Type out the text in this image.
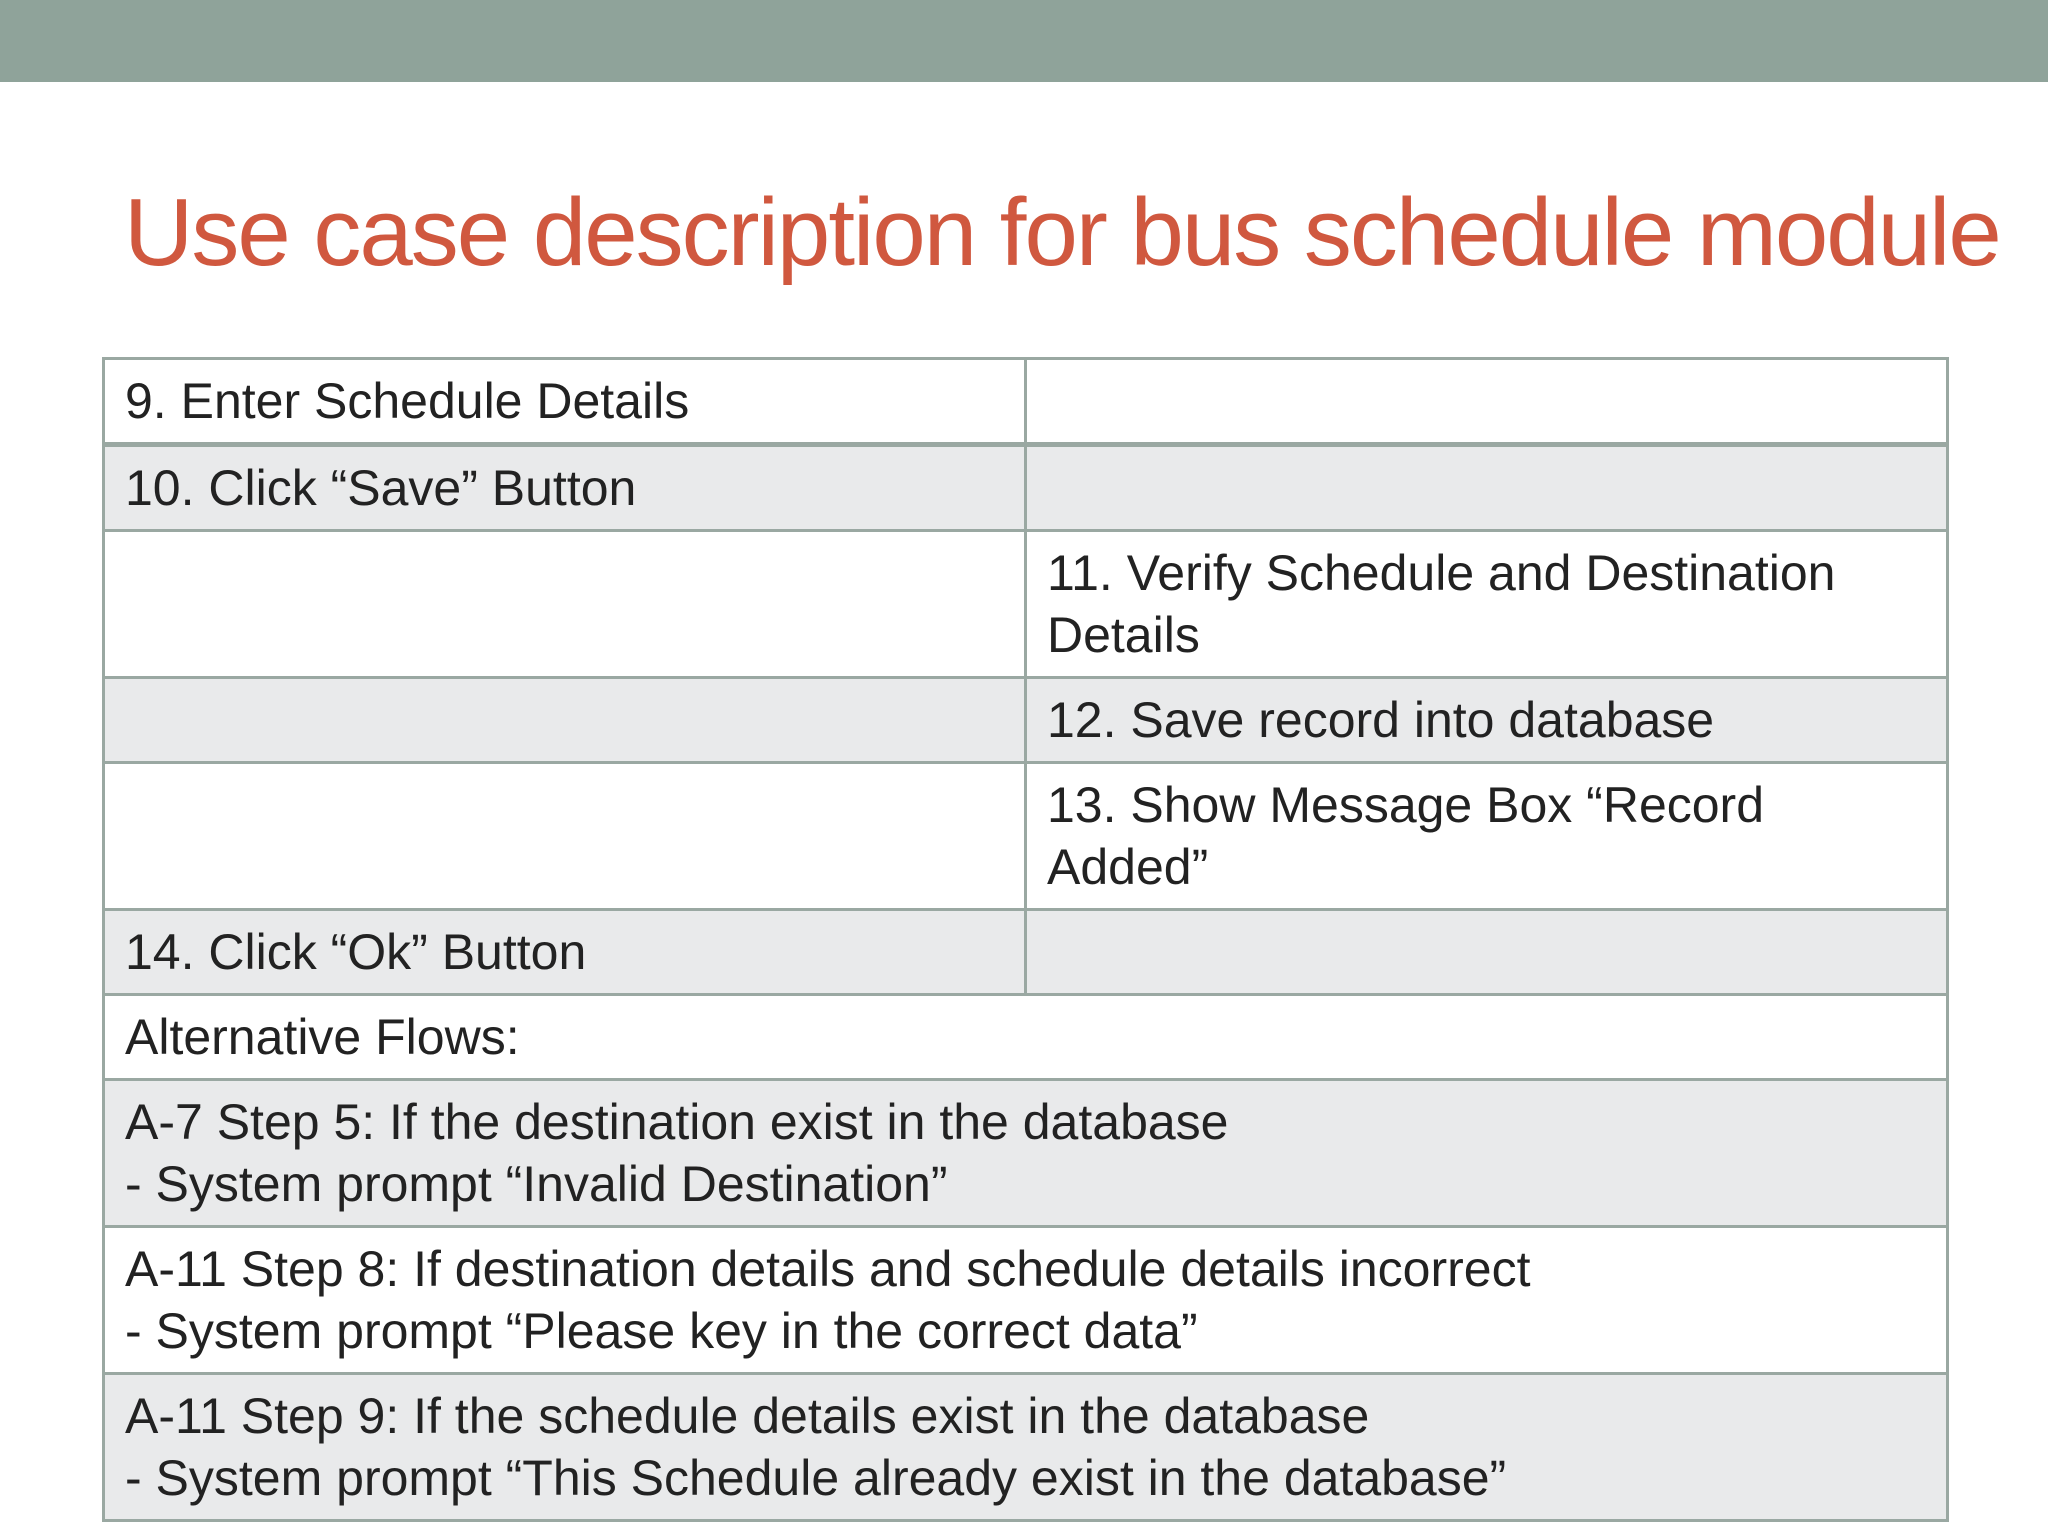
Use case description for bus schedule module
9. Enter Schedule Details	
10. Click “Save” Button	
	11. Verify Schedule and Destination Details
	12. Save record into database
	13. Show Message Box “Record Added”
14. Click “Ok” Button	
Alternative Flows:	
A-7 Step 5: If the destination exist in the database
- System prompt “Invalid Destination”	
A-11 Step 8: If destination details and schedule details incorrect
- System prompt “Please key in the correct data”	
A-11 Step 9: If the schedule details exist in the database
- System prompt “This Schedule already exist in the database”	
